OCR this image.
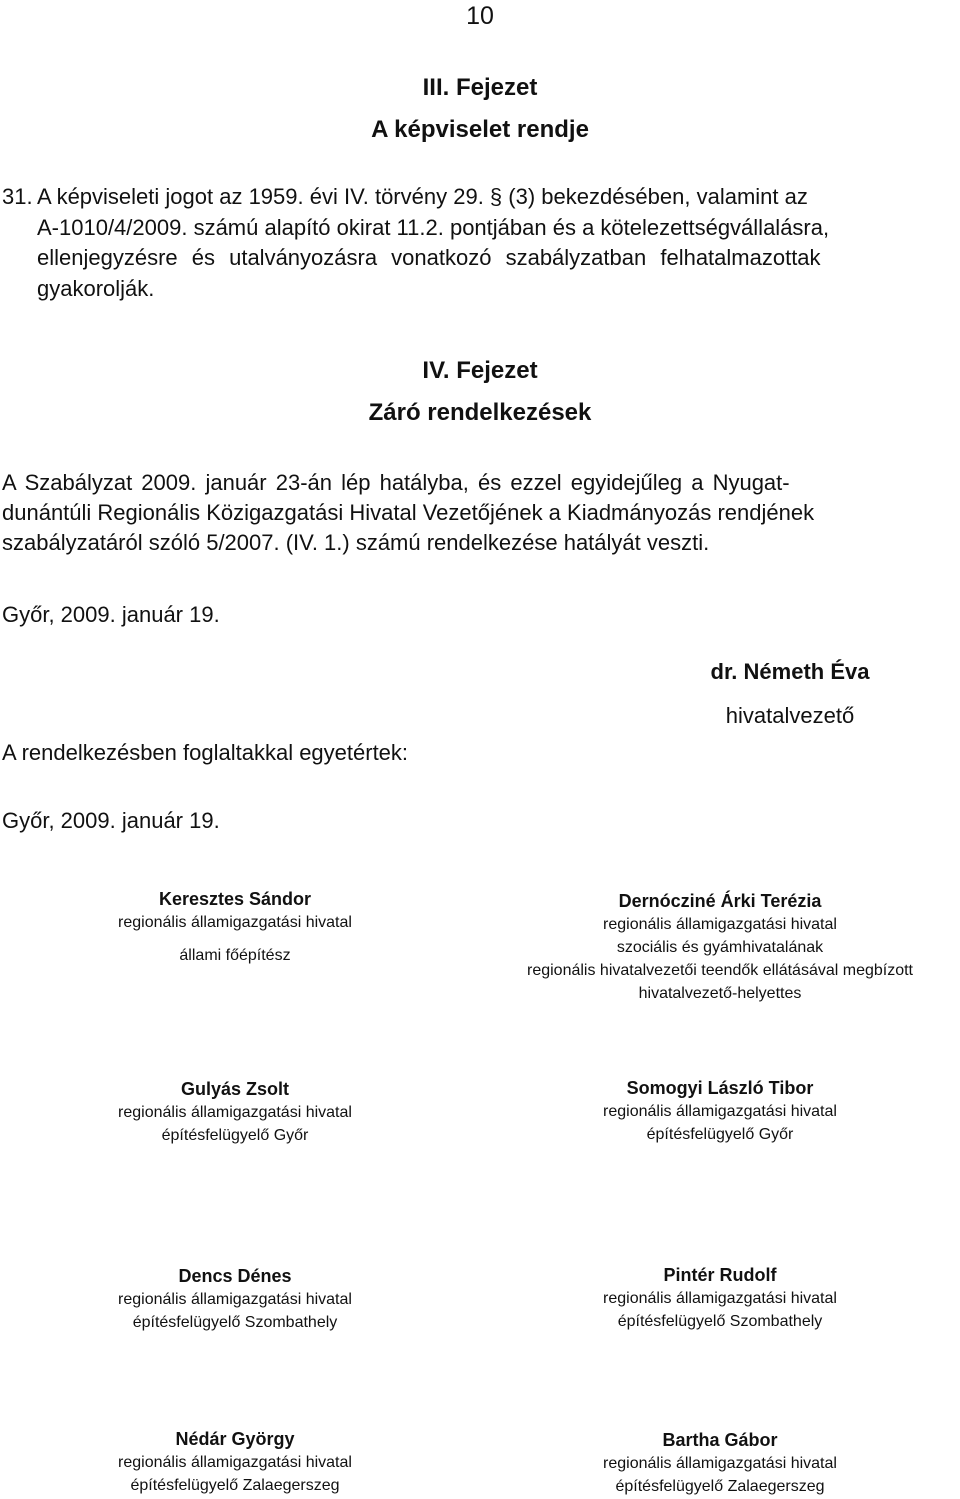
10
III. Fejezet
A képviselet rendje
31. A képviseleti jogot az 1959. évi IV. törvény 29. § (3) bekezdésében, valamint az
A-1010/4/2009. számú alapító okirat 11.2. pontjában és a kötelezettségvállalásra,
ellenjegyzésre és utalványozásra vonatkozó szabályzatban felhatalmazottak
gyakorolják.
IV. Fejezet
Záró rendelkezések
A Szabályzat 2009. január 23-án lép hatályba, és ezzel egyidejűleg a Nyugat-
dunántúli Regionális Közigazgatási Hivatal Vezetőjének a Kiadmányozás rendjének
szabályzatáról szóló 5/2007. (IV. 1.) számú rendelkezése hatályát veszti.
Győr, 2009. január 19.
dr. Németh Éva
hivatalvezető
A rendelkezésben foglaltakkal egyetértek:
Győr, 2009. január 19.
Keresztes Sándor
regionális államigazgatási hivatal
állami főépítész
Dernócziné Árki Terézia
regionális államigazgatási hivatal
szociális és gyámhivatalának
regionális hivatalvezetői teendők ellátásával megbízott
hivatalvezető-helyettes
Gulyás Zsolt
regionális államigazgatási hivatal
építésfelügyelő Győr
Somogyi László Tibor
regionális államigazgatási hivatal
építésfelügyelő Győr
Dencs Dénes
regionális államigazgatási hivatal
építésfelügyelő Szombathely
Pintér Rudolf
regionális államigazgatási hivatal
építésfelügyelő Szombathely
Nédár György
regionális államigazgatási hivatal
építésfelügyelő Zalaegerszeg
Bartha Gábor
regionális államigazgatási hivatal
építésfelügyelő Zalaegerszeg
